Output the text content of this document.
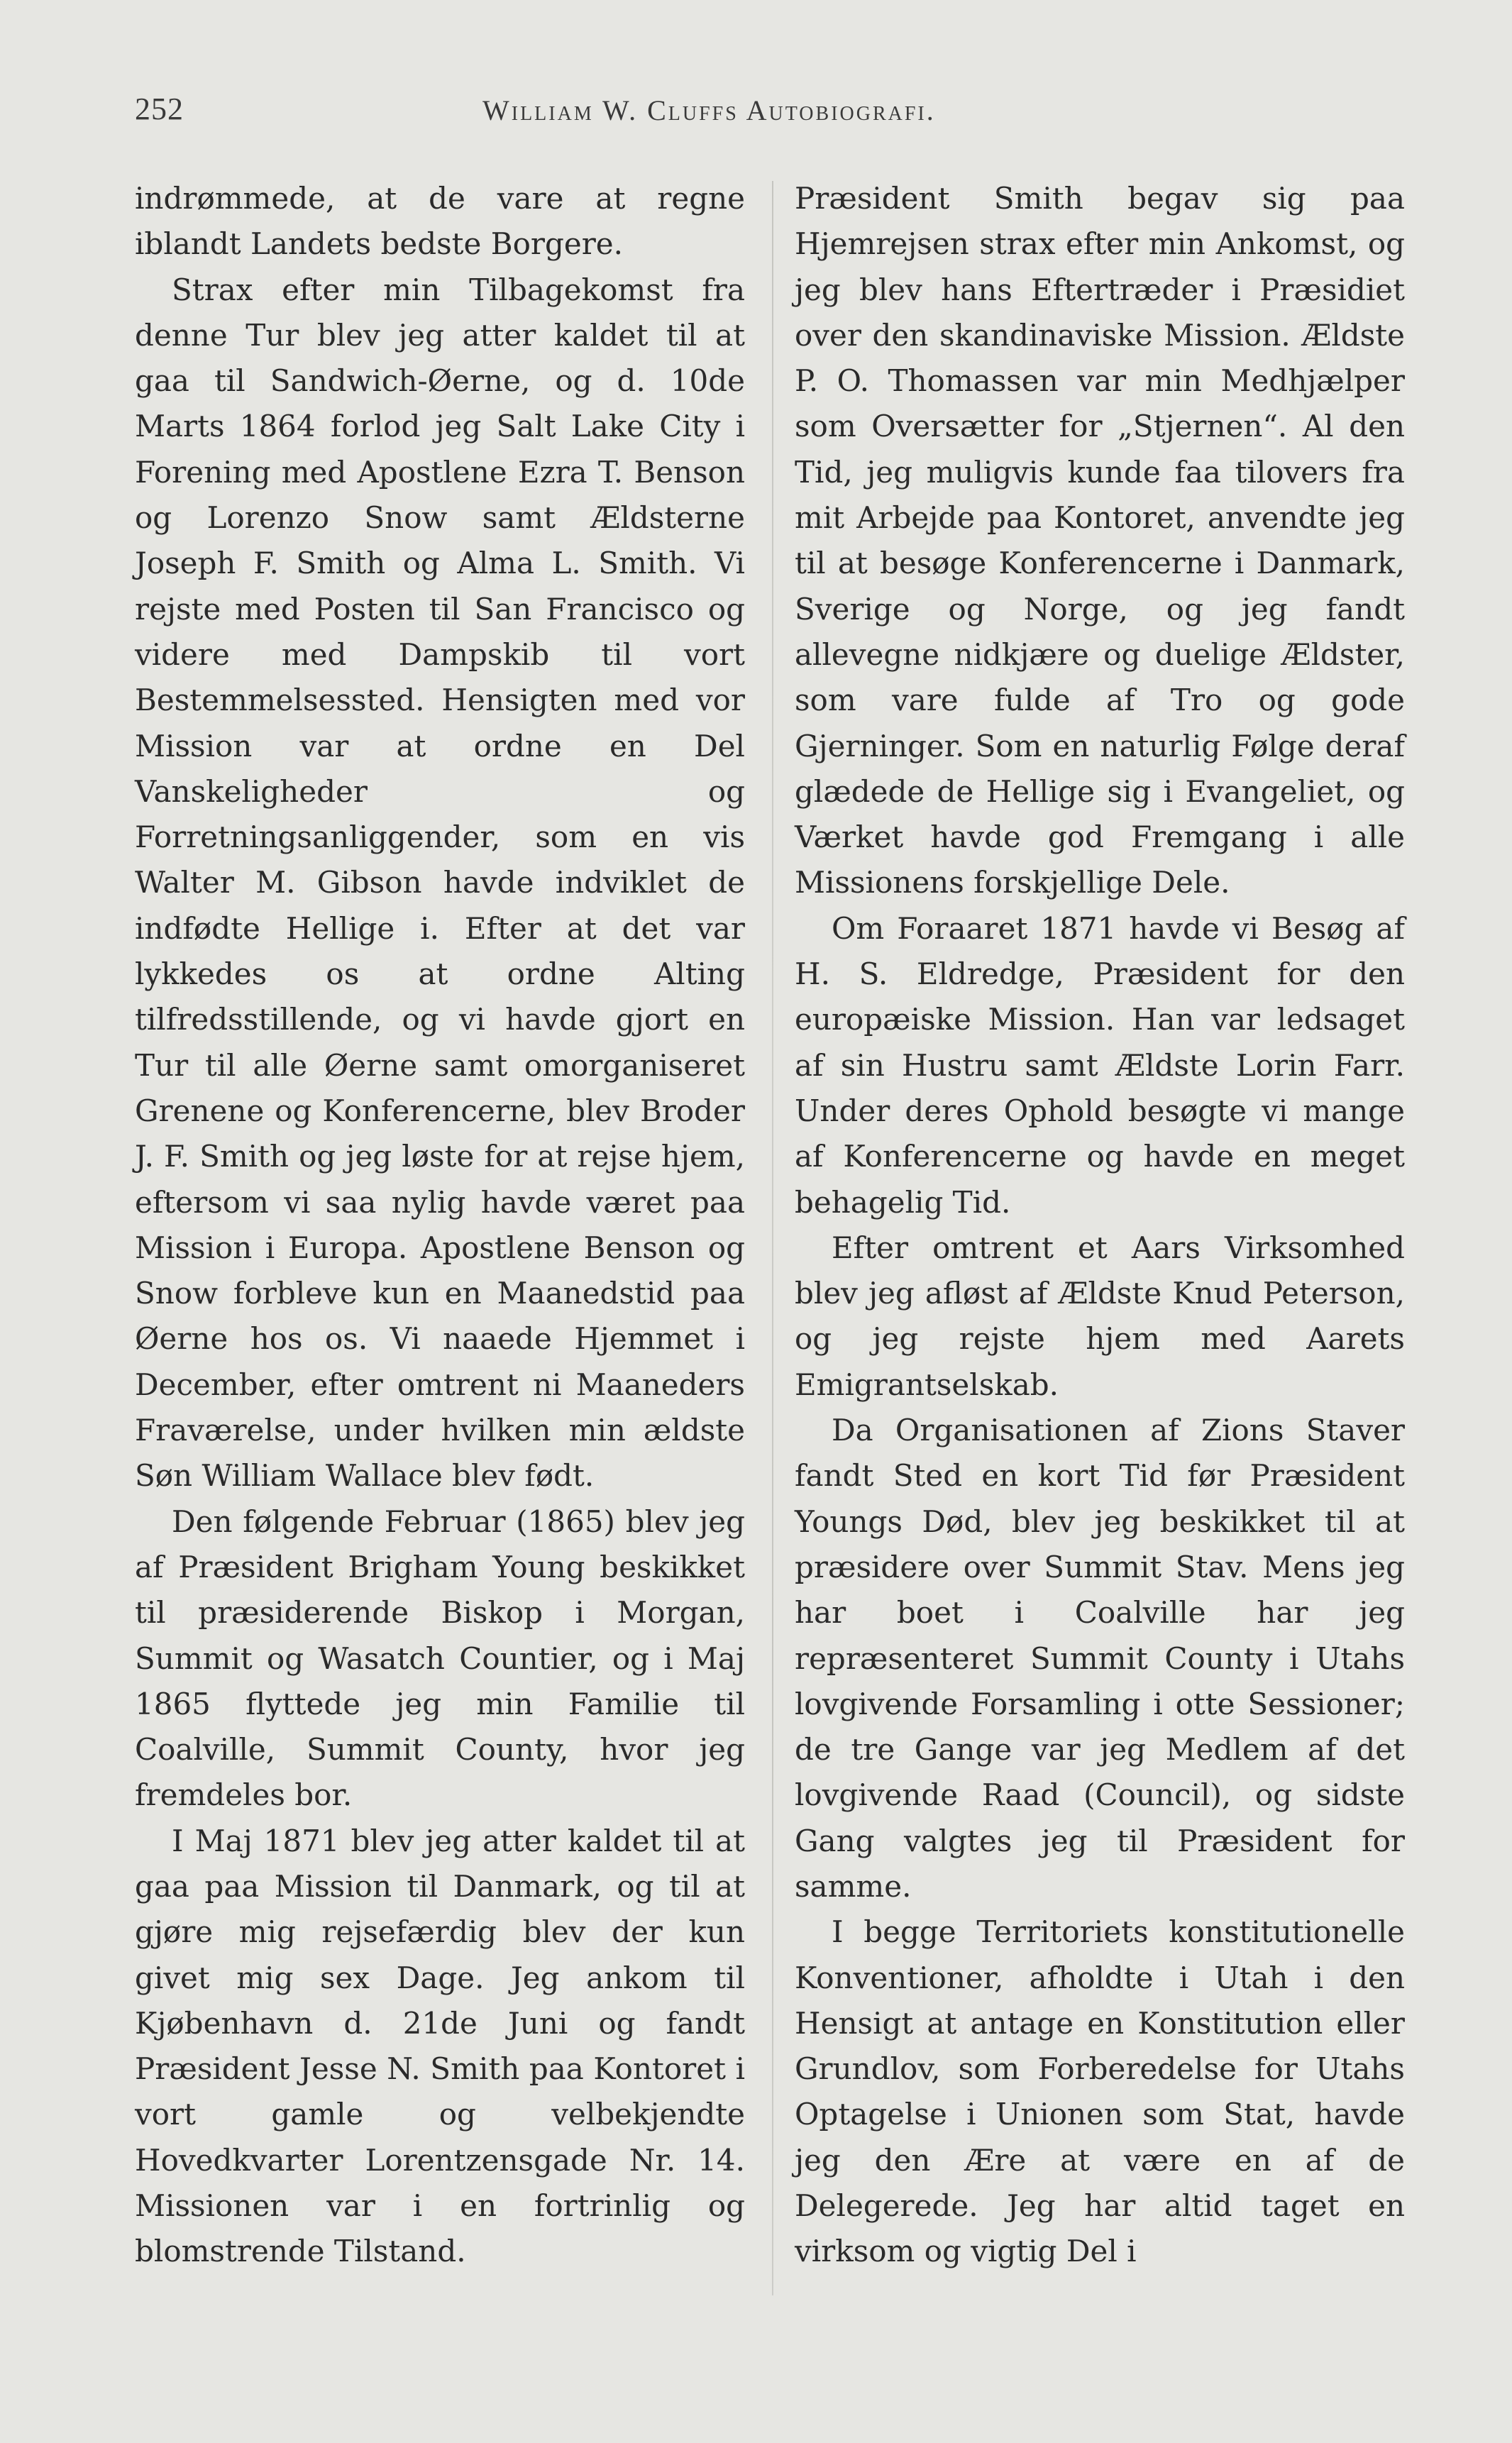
252	William W. Cluffs Autobiografi.

indrømmede, at de vare at regne iblandt Landets bedste Borgere.

Strax efter min Tilbagekomst fra denne Tur blev jeg atter kaldet til at gaa til Sandwich-Øerne, og d. 10de Marts 1864 forlod jeg Salt Lake City i Forening med Apostlene Ezra T. Benson og Lorenzo Snow samt Ældsterne Joseph F. Smith og Alma L. Smith. Vi rejste med Posten til San Francisco og videre med Dampskib til vort Bestemmelsessted. Hensigten med vor Mission var at ordne en Del Vanskeligheder og Forretningsanliggender, som en vis Walter M. Gibson havde indviklet de indfødte Hellige i. Efter at det var lykkedes os at ordne Alting tilfredsstillende, og vi havde gjort en Tur til alle Øerne samt omorganiseret Grenene og Konferencerne, blev Broder J. F. Smith og jeg løste for at rejse hjem, eftersom vi saa nylig havde været paa Mission i Europa. Apostlene Benson og Snow forbleve kun en Maanedstid paa Øerne hos os. Vi naaede Hjemmet i December, efter omtrent ni Maaneders Fraværelse, under hvilken min ældste Søn William Wallace blev født.

Den følgende Februar (1865) blev jeg af Præsident Brigham Young beskikket til præsiderende Biskop i Morgan, Summit og Wasatch Countier, og i Maj 1865 flyttede jeg min Familie til Coalville, Summit County, hvor jeg fremdeles bor.

I Maj 1871 blev jeg atter kaldet til at gaa paa Mission til Danmark, og til at gjøre mig rejsefærdig blev der kun givet mig sex Dage. Jeg ankom til Kjøbenhavn d. 21de Juni og fandt Præsident Jesse N. Smith paa Kontoret i vort gamle og velbekjendte Hovedkvarter Lorentzensgade Nr. 14. Missionen var i en fortrinlig og blomstrende Tilstand.

Præsident Smith begav sig paa Hjemrejsen strax efter min Ankomst, og jeg blev hans Eftertræder i Præsidiet over den skandinaviske Mission. Ældste P. O. Thomassen var min Medhjælper som Oversætter for „Stjernen“. Al den Tid, jeg muligvis kunde faa tilovers fra mit Arbejde paa Kontoret, anvendte jeg til at besøge Konferencerne i Danmark, Sverige og Norge, og jeg fandt allevegne nidkjære og duelige Ældster, som vare fulde af Tro og gode Gjerninger. Som en naturlig Følge deraf glædede de Hellige sig i Evangeliet, og Værket havde god Fremgang i alle Missionens forskjellige Dele.

Om Foraaret 1871 havde vi Besøg af H. S. Eldredge, Præsident for den europæiske Mission. Han var ledsaget af sin Hustru samt Ældste Lorin Farr. Under deres Ophold besøgte vi mange af Konferencerne og havde en meget behagelig Tid.

Efter omtrent et Aars Virksomhed blev jeg afløst af Ældste Knud Peterson, og jeg rejste hjem med Aarets Emigrantselskab.

Da Organisationen af Zions Staver fandt Sted en kort Tid før Præsident Youngs Død, blev jeg beskikket til at præsidere over Summit Stav. Mens jeg har boet i Coalville har jeg repræsenteret Summit County i Utahs lovgivende Forsamling i otte Sessioner; de tre Gange var jeg Medlem af det lovgivende Raad (Council), og sidste Gang valgtes jeg til Præsident for samme.

I begge Territoriets konstitutionelle Konventioner, afholdte i Utah i den Hensigt at antage en Konstitution eller Grundlov, som Forberedelse for Utahs Optagelse i Unionen som Stat, havde jeg den Ære at være en af de Delegerede. Jeg har altid taget en virksom og vigtig Del i
